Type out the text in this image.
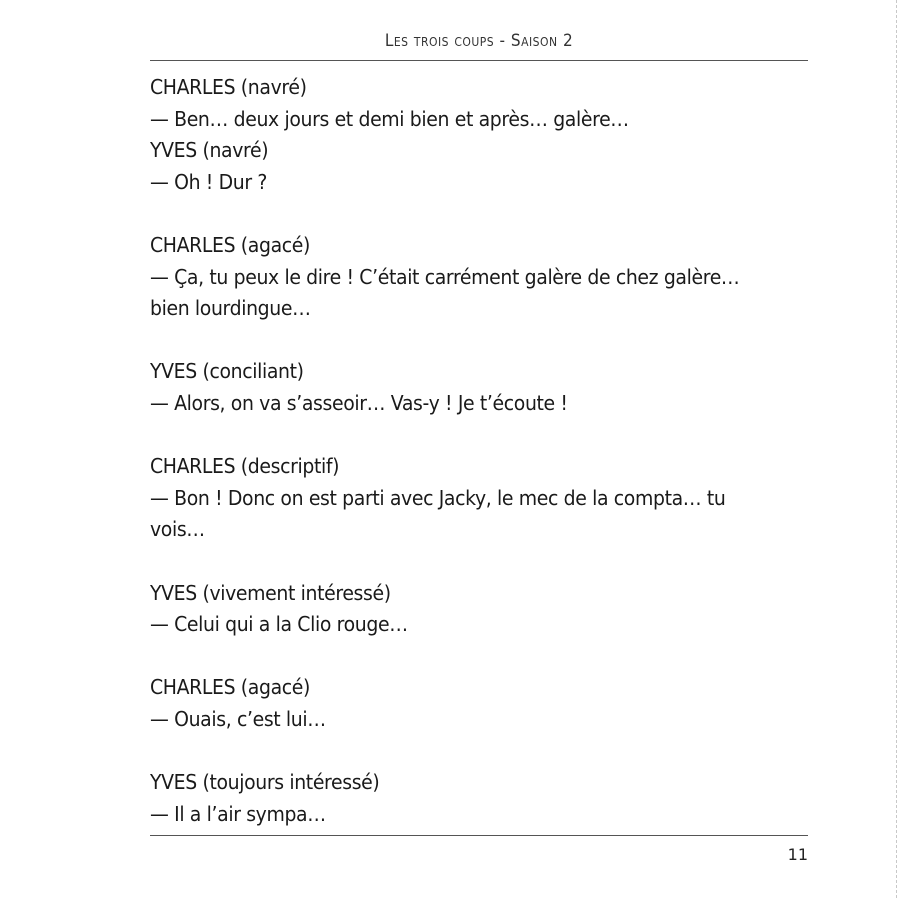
Les trois coups - Saison 2
CHARLES (navré)
— Ben… deux jours et demi bien et après… galère…
YVES (navré)
— Oh ! Dur ?
CHARLES (agacé)
— Ça, tu peux le dire ! C’était carrément galère de chez galère…
bien lourdingue…
YVES (conciliant)
— Alors, on va s’asseoir… Vas-y ! Je t’écoute !
CHARLES (descriptif)
— Bon ! Donc on est parti avec Jacky, le mec de la compta… tu
vois…
YVES (vivement intéressé)
— Celui qui a la Clio rouge…
CHARLES (agacé)
— Ouais, c’est lui…
YVES (toujours intéressé)
— Il a l’air sympa…
11
